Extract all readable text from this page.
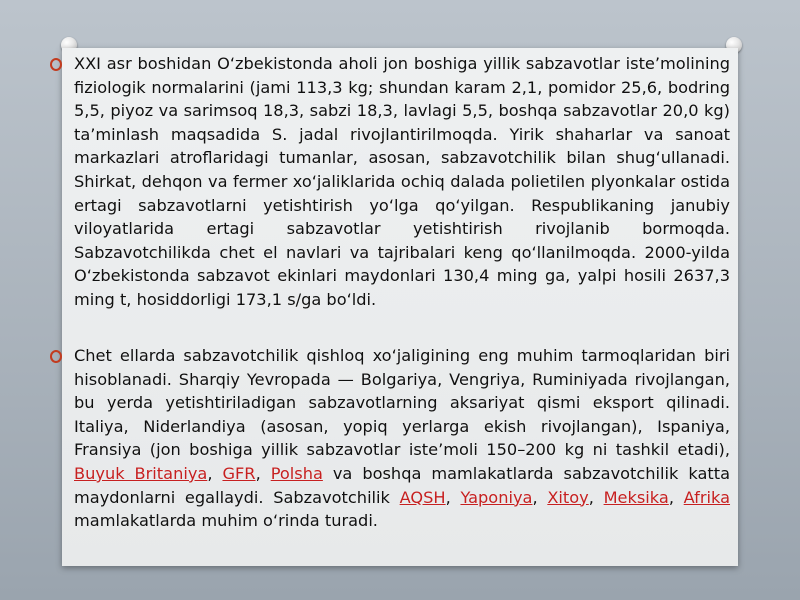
XXI asr boshidan O‘zbekistonda aholi jon boshiga yillik sabzavotlar iste’molining fiziologik normalarini (jami 113,3 kg; shundan karam 2,1, pomidor 25,6, bodring 5,5, piyoz va sarimsoq 18,3, sabzi 18,3, lavlagi 5,5, boshqa sabzavotlar 20,0 kg) ta’minlash maqsadida S. jadal rivojlantirilmoqda. Yirik shaharlar va sanoat markazlari atroflaridagi tumanlar, asosan, sabzavotchilik bilan shug‘ullanadi. Shirkat, dehqon va fermer xo‘jaliklarida ochiq dalada polietilen plyonkalar ostida ertagi sabzavotlarni yetishtirish yo‘lga qo‘yilgan. Respublikaning janubiy viloyatlarida ertagi sabzavotlar yetishtirish rivojlanib bormoqda. Sabzavotchilikda chet el navlari va tajribalari keng qo‘llanilmoqda. 2000-yilda O‘zbekistonda sabzavot ekinlari maydonlari 130,4 ming ga, yalpi hosili 2637,3 ming t, hosiddorligi 173,1 s/ga bo‘ldi.
Chet ellarda sabzavotchilik qishloq xo‘jaligining eng muhim tarmoqlaridan biri hisoblanadi. Sharqiy Yevropada — Bolgariya, Vengriya, Ruminiyada rivojlangan, bu yerda yetishtiriladigan sabzavotlarning aksariyat qismi eksport qilinadi. Italiya, Niderlandiya (asosan, yopiq yerlarga ekish rivojlangan), Ispaniya, Fransiya (jon boshiga yillik sabzavotlar iste’moli 150–200 kg ni tashkil etadi), Buyuk Britaniya, GFR, Polsha va boshqa mamlakatlarda sabzavotchilik katta maydonlarni egallaydi. Sabzavotchilik AQSH, Yaponiya, Xitoy, Meksika, Afrika mamlakatlarda muhim o‘rinda turadi.
